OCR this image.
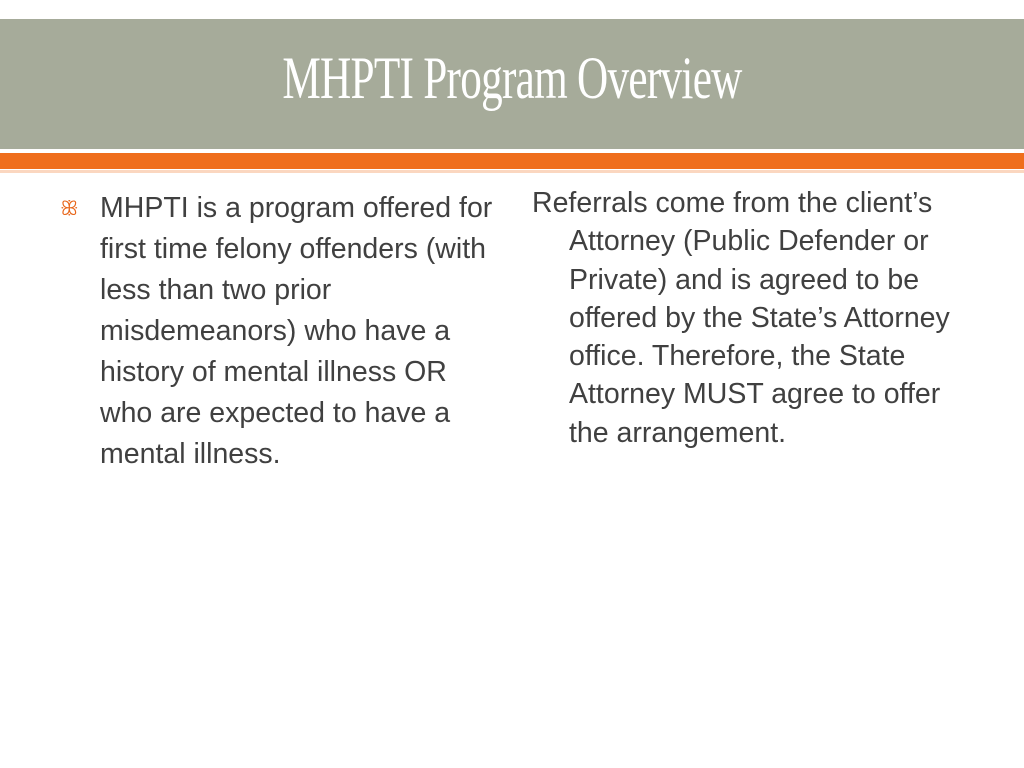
MHPTI Program Overview
ꕥ MHPTI is a program offered for first time felony offenders (with less than two prior misdemeanors) who have a history of mental illness OR who are expected to have a mental illness.
Referrals come from the client’s Attorney (Public Defender or Private) and is agreed to be offered by the State’s Attorney office. Therefore, the State Attorney MUST agree to offer the arrangement.
